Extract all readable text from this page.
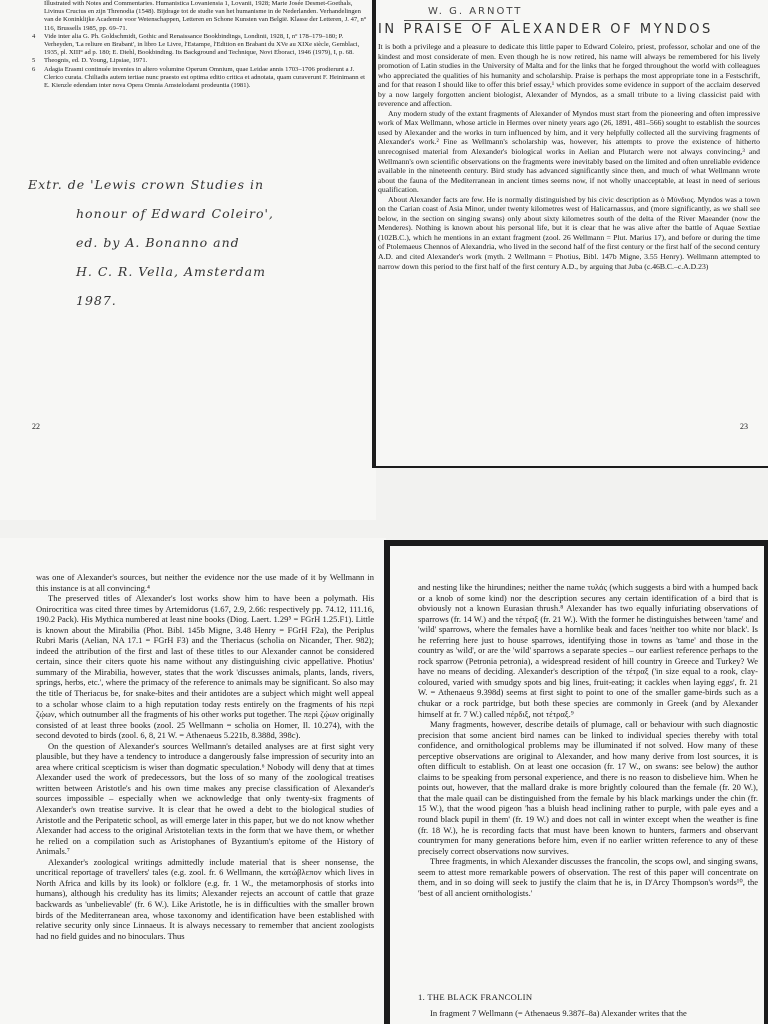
Illustrated with Notes and Commentaries. Humanistica Lovaniensia 1, Lovanii, 1928; Marie Josée Desmet-Goethals, Livinus Crucius en zijn Threnodia (1548). Bijdrage tot de studie van het humanisme in de Nederlanden. Verhandelingen van de Koninklijke Academie voor Wetenschappen, Letteren en Schone Kunsten van België. Klasse der Letteren, J. 47, n° 116, Brussells 1985, pp. 69–71.
4	Vide inter alia G. Ph. Goldschmidt, Gothic and Renaissance Bookbindings, Londinii, 1928, I, nº 178–179–180; P. Verheyden, 'La reliure en Brabant', in libro Le Livre, l'Estampe, l'Edition en Brabant du XVe au XIXe siècle, Gemblaci, 1935, pl. XIII° ad p. 180; E. Diehl, Bookbinding. Its Background and Technique, Novi Eboraci, 1946 (1979), I, p. 68.
5	Theognis, ed. D. Young, Lipsiae, 1971.
6	Adagia Erasmi continuée invenies in altero volumine Operum Omnium, quae Leidae annis 1703–1706 prodierunt a J. Clerico curata. Chiliadis autem tertiae nunc praesto est optima editio critica et adnotata, quam curaverunt F. Heinimann et E. Kienzle edendam inter nova Opera Omnia Amstelodami prodeuntia (1981).
Extr. de 'Lewis crown Studies in
honour of Edward Coleiro',
ed. by A. Bonanno and
H. C. R. Vella, Amsterdam
1987.
22
W. G. ARNOTT
IN PRAISE OF ALEXANDER OF MYNDOS

It is both a privilege and a pleasure to dedicate this little paper to Edward Coleiro, priest, professor, scholar and one of the kindest and most considerate of men. Even though he is now retired, his name will always be remembered for his lively promotion of Latin studies in the University of Malta and for the links that he forged throughout the world with colleagues who appreciated the qualities of his humanity and scholarship. Praise is perhaps the most appropriate tone in a Festschrift, and for that reason I should like to offer this brief essay,¹ which provides some evidence in support of the acclaim deserved by a now largely forgotten ancient biologist, Alexander of Myndos, as a small tribute to a living classicist paid with reverence and affection.

Any modern study of the extant fragments of Alexander of Myndos must start from the pioneering and often impressive work of Max Wellmann, whose article in Hermes over ninety years ago (26, 1891, 481–566) sought to establish the sources used by Alexander and the works in turn influenced by him, and it very helpfully collected all the surviving fragments of Alexander's work.² Fine as Wellmann's scholarship was, however, his attempts to prove the existence of hitherto unrecognised material from Alexander's biological works in Aelian and Plutarch were not always convincing,³ and Wellmann's own scientific observations on the fragments were inevitably based on the limited and often unreliable evidence available in the nineteenth century. Bird study has advanced significantly since then, and much of what Wellmann wrote about the fauna of the Mediterranean in ancient times seems now, if not wholly unacceptable, at least in need of serious qualification.

About Alexander facts are few. He is normally distinguished by his civic description as ὁ Μύνδιος. Myndos was a town on the Carian coast of Asia Minor, under twenty kilometres west of Halicarnassus, and (more significantly, as we shall see below, in the section on singing swans) only about sixty kilometres south of the delta of the River Maeander (now the Menderes). Nothing is known about his personal life, but it is clear that he was alive after the battle of Aquae Sextiae (102B.C.), which he mentions in an extant fragment (zool. 26 Wellmann = Plut. Marius 17), and before or during the time of Ptolemaeus Chennos of Alexandria, who lived in the second half of the first century or the first half of the second century A.D. and cited Alexander's work (myth. 2 Wellmann = Photius, Bibl. 147b Migne, 3.55 Henry). Wellmann attempted to narrow down this period to the first half of the first century A.D., by arguing that Juba (c.46B.C.–c.A.D.23)

23

was one of Alexander's sources, but neither the evidence nor the use made of it by Wellmann in this instance is at all convincing.⁴

The preserved titles of Alexander's lost works show him to have been a polymath. His Onirocritica was cited three times by Artemidorus (1.67, 2.9, 2.66: respectively pp. 74.12, 111.16, 190.2 Pack). His Mythica numbered at least nine books (Diog. Laert. 1.29⁵ = FGrH 1.25.F1). Little is known about the Mirabilia (Phot. Bibl. 145b Migne, 3.48 Henry = FGrH F2a), the Periplus Rubri Maris (Aelian, NA 17.1 = FGrH F3) and the Theriacus (scholia on Nicander, Ther. 982); indeed the attribution of the first and last of these titles to our Alexander cannot be considered certain, since their citers quote his name without any distinguishing civic appellative. Photius' summary of the Mirabilia, however, states that the work 'discusses animals, plants, lands, rivers, springs, herbs, etc.', where the primacy of the reference to animals may be significant. So also may the title of Theriacus be, for snake-bites and their antidotes are a subject which might well appeal to a scholar whose claim to a high reputation today rests entirely on the fragments of his περὶ ζῴων, which outnumber all the fragments of his other works put together. The περὶ ζῴων originally consisted of at least three books (zool. 25 Wellmann = scholia on Homer, Il. 10.274), with the second devoted to birds (zool. 6, 8, 21 W. = Athenaeus 5.221b, 8.388d, 398c).

On the question of Alexander's sources Wellmann's detailed analyses are at first sight very plausible, but they have a tendency to introduce a dangerously false impression of security into an area where critical scepticism is wiser than dogmatic speculation.⁶ Nobody will deny that at times Alexander used the work of predecessors, but the loss of so many of the zoological treatises written between Aristotle's and his own time makes any precise classification of Alexander's sources impossible – especially when we acknowledge that only twenty-six fragments of Alexander's own treatise survive. It is clear that he owed a debt to the biological studies of Aristotle and the Peripatetic school, as will emerge later in this paper, but we do not know whether Alexander had access to the original Aristotelian texts in the form that we have them, or whether he relied on a compilation such as Aristophanes of Byzantium's epitome of the History of Animals.⁷

Alexander's zoological writings admittedly include material that is sheer nonsense, the uncritical reportage of travellers' tales (e.g. zool. fr. 6 Wellmann, the κατώβλεπον which lives in North Africa and kills by its look) or folklore (e.g. fr. 1 W., the metamorphosis of storks into humans), although his credulity has its limits; Alexander rejects an account of cattle that graze backwards as 'unbelievable' (fr. 6 W.). Like Aristotle, he is in difficulties with the smaller brown birds of the Mediterranean area, whose taxonomy and identification have been established with relative security only since Linnaeus. It is always necessary to remember that ancient zoologists had no field guides and no binoculars. Thus

and nesting like the hirundines; neither the name τυλάς (which suggests a bird with a humped back or a knob of some kind) nor the description secures any certain identification of a bird that is obviously not a known Eurasian thrush.⁸ Alexander has two equally infuriating observations of sparrows (fr. 14 W.) and the τέτραξ (fr. 21 W.). With the former he distinguishes between 'tame' and 'wild' sparrows, where the females have a hornlike beak and faces 'neither too white nor black'. Is he referring here just to house sparrows, identifying those in towns as 'tame' and those in the country as 'wild', or are the 'wild' sparrows a separate species – our earliest reference perhaps to the rock sparrow (Petronia petronia), a widespread resident of hill country in Greece and Turkey? We have no means of deciding. Alexander's description of the τέτραξ ('in size equal to a rook, clay-coloured, varied with smudgy spots and big lines, fruit-eating; it cackles when laying eggs', fr. 21 W. = Athenaeus 9.398d) seems at first sight to point to one of the smaller game-birds such as a chukar or a rock partridge, but both these species are commonly in Greek (and by Alexander himself at fr. 7 W.) called πέρδιξ, not τέτραξ.⁹

Many fragments, however, describe details of plumage, call or behaviour with such diagnostic precision that some ancient bird names can be linked to individual species thereby with total confidence, and ornithological problems may be illuminated if not solved. How many of these perceptive observations are original to Alexander, and how many derive from lost sources, it is often difficult to establish. On at least one occasion (fr. 17 W., on swans: see below) the author claims to be speaking from personal experience, and there is no reason to disbelieve him. When he points out, however, that the mallard drake is more brightly coloured than the female (fr. 20 W.), that the male quail can be distinguished from the female by his black markings under the chin (fr. 15 W.), that the wood pigeon 'has a bluish head inclining rather to purple, with pale eyes and a round black pupil in them' (fr. 19 W.) and does not call in winter except when the weather is fine (fr. 18 W.), he is recording facts that must have been known to hunters, farmers and observant countrymen for many generations before him, even if no earlier written reference to any of these precisely correct observations now survives.

Three fragments, in which Alexander discusses the francolin, the scops owl, and singing swans, seem to attest more remarkable powers of observation. The rest of this paper will concentrate on them, and in so doing will seek to justify the claim that he is, in D'Arcy Thompson's words¹⁰, the 'best of all ancient ornithologists.'

1. THE BLACK FRANCOLIN

In fragment 7 Wellmann (= Athenaeus 9.387f–8a) Alexander writes that the
